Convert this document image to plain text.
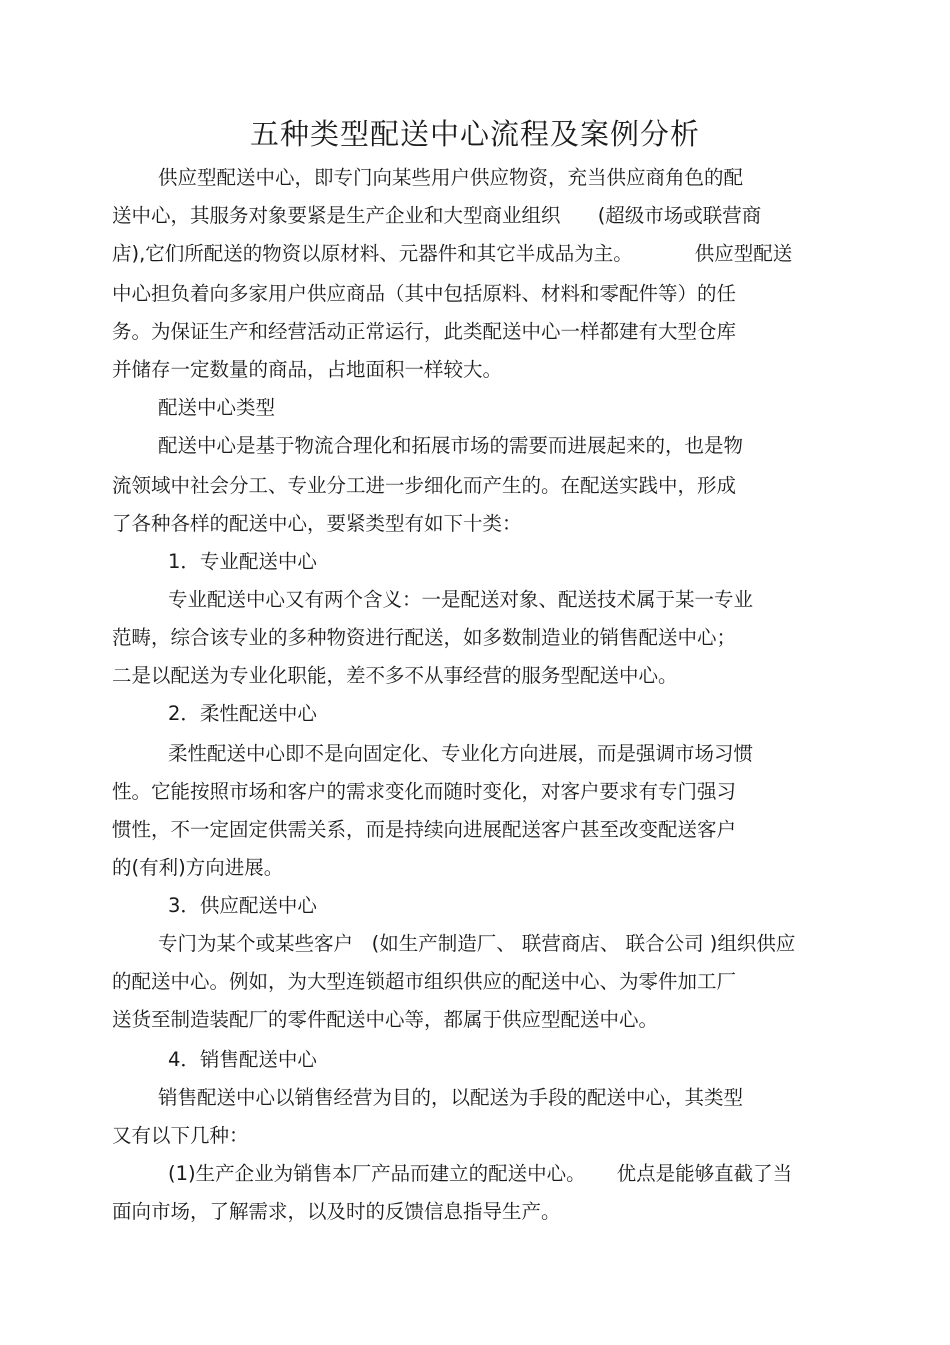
五种类型配送中心流程及案例分析
供应型配送中心，即专门向某些用户供应物资，充当供应商角色的配
送中心，其服务对象要紧是生产企业和大型商业组织      (超级市场或联营商
店),它们所配送的物资以原材料、元器件和其它半成品为主。          供应型配送
中心担负着向多家用户供应商品（其中包括原料、材料和零配件等）的任
务。为保证生产和经营活动正常运行，此类配送中心一样都建有大型仓库
并储存一定数量的商品，占地面积一样较大。
配送中心类型
配送中心是基于物流合理化和拓展市场的需要而进展起来的，也是物
流领域中社会分工、专业分工进一步细化而产生的。在配送实践中，形成
了各种各样的配送中心，要紧类型有如下十类：
1．专业配送中心
专业配送中心又有两个含义：一是配送对象、配送技术属于某一专业
范畴，综合该专业的多种物资进行配送，如多数制造业的销售配送中心；
二是以配送为专业化职能，差不多不从事经营的服务型配送中心。
2．柔性配送中心
柔性配送中心即不是向固定化、专业化方向进展，而是强调市场习惯
性。它能按照市场和客户的需求变化而随时变化，对客户要求有专门强习
惯性，不一定固定供需关系，而是持续向进展配送客户甚至改变配送客户
的(有利)方向进展。
3．供应配送中心
专门为某个或某些客户   (如生产制造厂、 联营商店、 联合公司 )组织供应
的配送中心。例如，为大型连锁超市组织供应的配送中心、为零件加工厂
送货至制造装配厂的零件配送中心等，都属于供应型配送中心。
4．销售配送中心
销售配送中心以销售经营为目的，以配送为手段的配送中心，其类型
又有以下几种：
(1)生产企业为销售本厂产品而建立的配送中心。     优点是能够直截了当
面向市场，了解需求，以及时的反馈信息指导生产。
